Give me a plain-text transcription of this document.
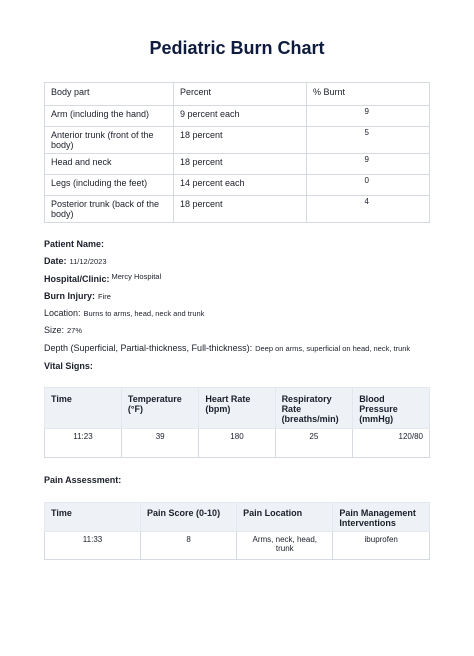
Pediatric Burn Chart
Body part	Percent	% Burnt
Arm (including the hand)	9 percent each	9
Anterior trunk (front of the body)	18 percent	5
Head and neck	18 percent	9
Legs (including the feet)	14 percent each	0
Posterior trunk (back of the body)	18 percent	4
Patient Name:
Date: 11/12/2023
Hospital/Clinic: $^{Mercy Hospital}$
Burn Injury: Fire
Location: Burns to arms, head, neck and trunk
Size: 27%
Depth (Superficial, Partial-thickness, Full-thickness): Deep on arms, superficial on head, neck, trunk
Vital Signs:
Time	Temperature (°F)	Heart Rate (bpm)	Respiratory Rate (breaths/min)	Blood Pressure (mmHg)
11:23	39	180	25	120/80
Pain Assessment:
Time	Pain Score (0-10)	Pain Location	Pain Management Interventions
11:33	8	Arms, neck, head, trunk	ibuprofen
